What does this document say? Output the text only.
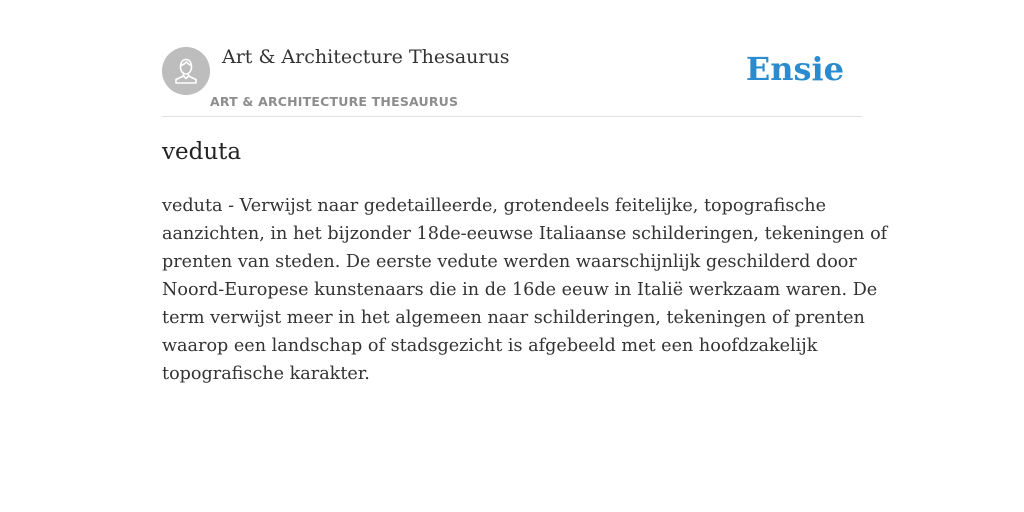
Art & Architecture Thesaurus
ART & ARCHITECTURE THESAURUS
Ensie
veduta

veduta - Verwijst naar gedetailleerde, grotendeels feitelijke, topografische
aanzichten, in het bijzonder 18de-eeuwse Italiaanse schilderingen, tekeningen of
prenten van steden. De eerste vedute werden waarschijnlijk geschilderd door
Noord-Europese kunstenaars die in de 16de eeuw in Italië werkzaam waren. De
term verwijst meer in het algemeen naar schilderingen, tekeningen of prenten
waarop een landschap of stadsgezicht is afgebeeld met een hoofdzakelijk
topografische karakter.
